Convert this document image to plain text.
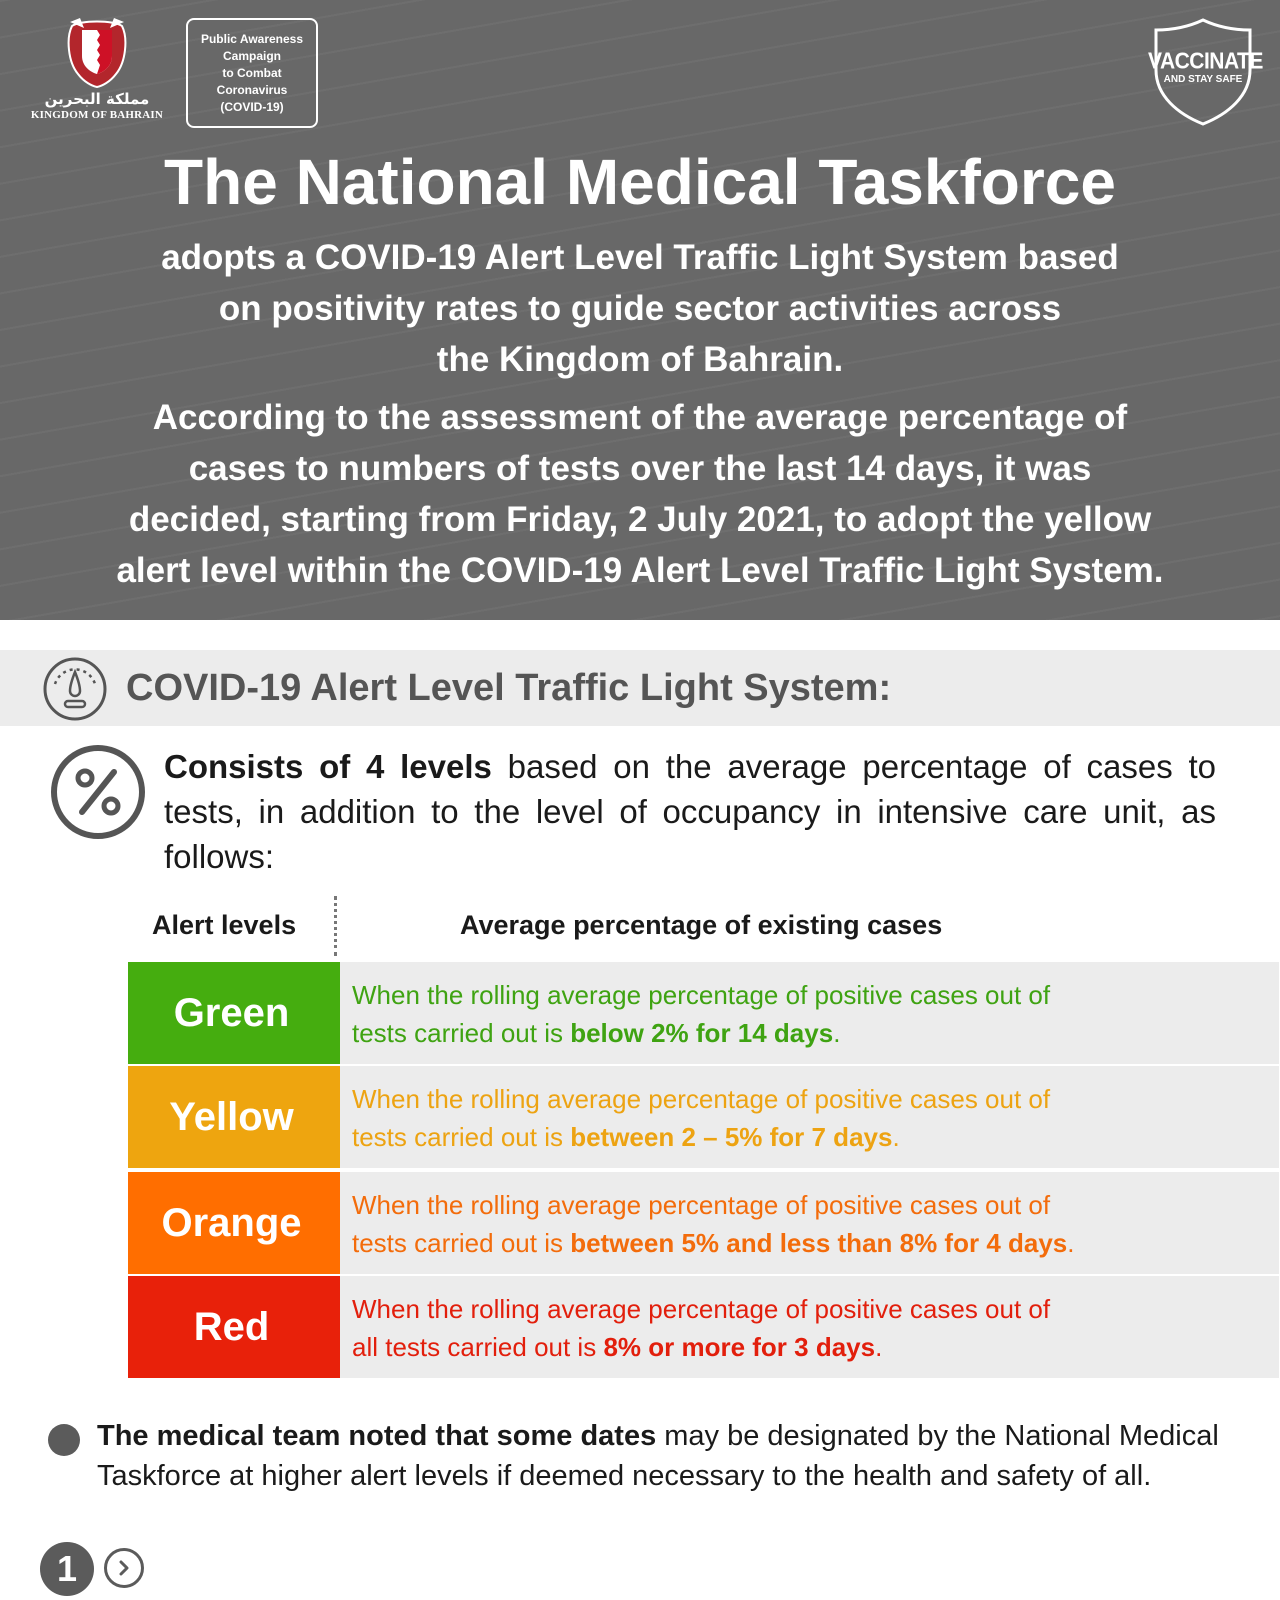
مملكة البحرين
KINGDOM OF BAHRAIN
Public Awareness
Campaign
to Combat
Coronavirus
(COVID-19)
VACCINATE
AND STAY SAFE
The National Medical Taskforce
adopts a COVID-19 Alert Level Traffic Light System based
on positivity rates to guide sector activities across
the Kingdom of Bahrain.
According to the assessment of the average percentage of
cases to numbers of tests over the last 14 days, it was
decided, starting from Friday, 2 July 2021, to adopt the yellow
alert level within the COVID-19 Alert Level Traffic Light System.
COVID-19 Alert Level Traffic Light System:
Consists of 4 levels based on the average percentage of cases to tests, in addition to the level of occupancy in intensive care unit, as follows:
Alert levels	Average percentage of existing cases
Green	When the rolling average percentage of positive cases out of
tests carried out is below 2% for 14 days.
Yellow	When the rolling average percentage of positive cases out of
tests carried out is between 2 – 5% for 7 days.
Orange	When the rolling average percentage of positive cases out of
tests carried out is between 5% and less than 8% for 4 days.
Red	When the rolling average percentage of positive cases out of
all tests carried out is 8% or more for 3 days.
The medical team noted that some dates may be designated by the National Medical Taskforce at higher alert levels if deemed necessary to the health and safety of all.
1
